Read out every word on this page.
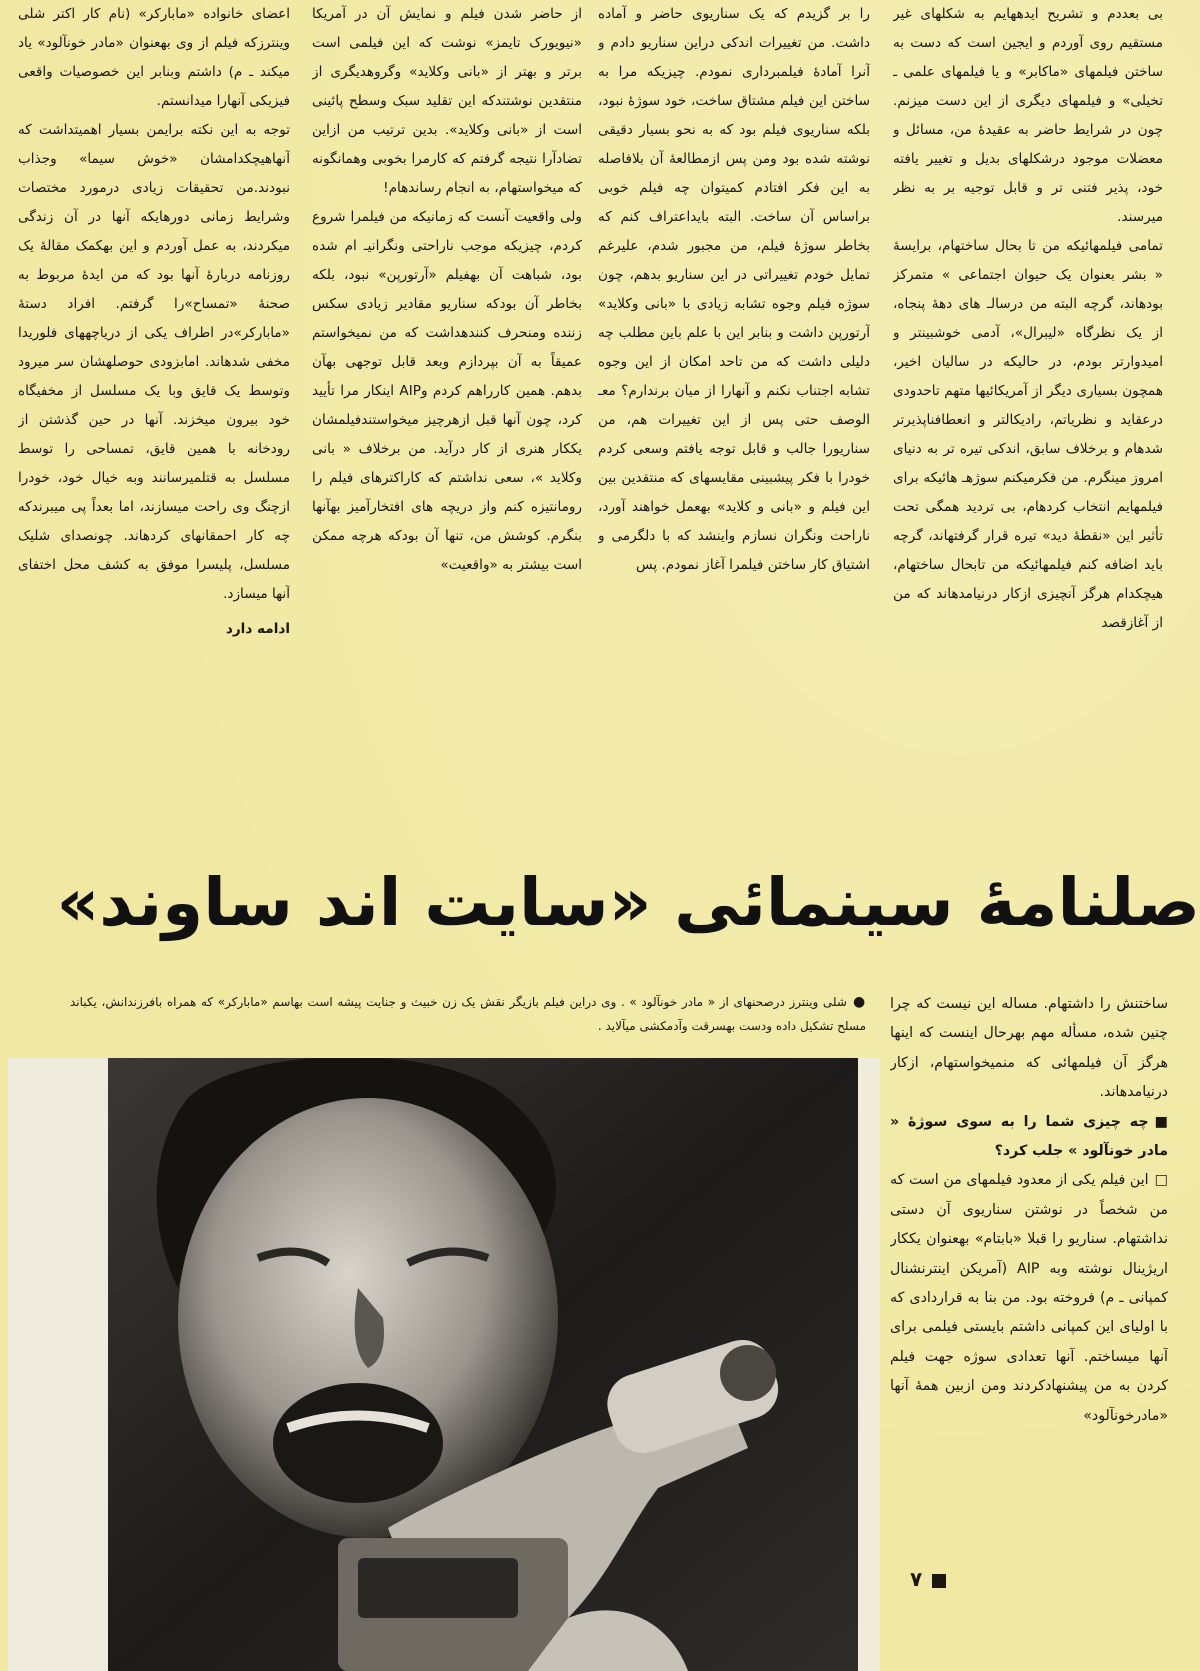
بی بعددم و تشریح ایدههایم به شکلهای غیر مستقیم روی آوردم و ایجین است که دست به ساختن فیلمهای «ماکابر» و یا فیلمهای علمی ـ تخیلی» و فیلمهای دیگری از این دست میزنم. چون در شرایط حاضر به عقیدهٔ من، مسائل و معضلات موجود درشکلهای بدیل و تغییر یافته خود، پذیر فتنی تر و قابل توجیه بر به نظر میرسند.

تمامی فیلمهائیکه من تا بحال ساختهام، برایسهٔ « بشر بعنوان یک حیوان اجتماعی » متمرکز بودهاند، گرچه البته من درسالـ های دههٔ پنجاه، از یک نظرگاه «لیبرال»، آدمی خوشبینتر و امیدوارتر بودم، در حالیکه در سالیان اخیر، همچون بسیاری دیگر از آمریکائیها متهم تاحدودی درعقاید و نظریاتم، رادیکالتر و انعطافناپذیرتر شدهام و برخلاف سابق، اندکی تیره تر به دنیای امروز مینگرم. من فکرمیکنم سوژهـ هائیکه برای فیلمهایم انتخاب کردهام، بی تردید همگی تحت تأثیر این «نقطهٔ دید» تیره قرار گرفتهاند، گرچه باید اضافه کنم فیلمهائیکه من تابحال ساختهام، هیچکدام هرگز آنچیزی ازکار درنیامدهاند که من از آغازقصد

را بر گزیدم که یک سناریوی حاضر و آماده داشت. من تغییرات اندکی دراین سناریو دادم و آنرا آمادهٔ فیلمبرداری نمودم. چیزیکه مرا به ساختن این فیلم مشتاق ساخت، خود سوژهٔ نبود، بلکه سناریوی فیلم بود که به نحو بسیار دقیقی نوشته شده بود ومن پس ازمطالعهٔ آن بلافاصله به این فکر افتادم کمیتوان چه فیلم خوبی براساس آن ساخت. البته بایداعتراف کنم که بخاطر سوژهٔ فیلم، من مجبور شدم، علیرغم تمایل خودم تغییراتی در این سناریو بدهم، چون سوژه فیلم وجوه تشابه زیادی با «بانی وکلاید» آرتورپن داشت و بنابر این با علم باین مطلب چه دلیلی داشت که من تاحد امکان از این وجوه تشابه اجتناب نکنم و آنهارا از میان برندارم؟ معـ الوصف حتی پس از این تغییرات هم، من سناریورا جالب و قابل توجه یافتم وسعی کردم خودرا با فکر پیشبینی مقایسهای که منتقدین بین این فیلم و «بانی و کلاید» بهعمل خواهند آورد، ناراحت ونگران نسازم واینشد که با دلگرمی و اشتیاق کار ساختن فیلمرا آغاز نمودم. پس

از حاضر شدن فیلم و نمایش آن در آمریکا «نیویورک تایمز» نوشت که این فیلمی است برتر و بهتر از «بانی وکلاید» وگروهدیگری از منتقدین نوشتندکه این تقلید سبک وسطح پائینی است از «بانی وکلاید». بدین ترتیب من ازاین تضادآرا نتیجه گرفتم که کارمرا بخوبی وهمانگونه که میخواستهام، به انجام رساندهام!

ولی واقعیت آنست که زمانیکه من فیلمرا شروع کردم، چیزیکه موجب ناراحتی ونگرانیـ ام شده بود، شباهت آن بهفیلم «آرتورپن» نبود، بلکه بخاطر آن بودکه سناریو مقادیر زیادی سکس زننده ومنحرف کنندهداشت که من نمیخواستم عمیقاً به آن بپردازم وبعد قابل توجهی بهآن بدهم. همین کارراهم کردم وAIP اینکار مرا تأیید کرد، چون آنها قبل ازهرچیز میخواستندفیلمشان یککار هنری از کار درآید. من برخلاف « بانی وکلاید »، سعی نداشتم که کاراکترهای فیلم را رومانتیزه کنم واز دریچه های افتخارآمیز بهآنها بنگرم. کوشش من، تنها آن بودکه هرچه ممکن است بیشتر به «واقعیت»

اعضای خانواده «مابارکر» (نام کار اکتر شلی وینترزکه فیلم از وی بهعنوان «مادر خونآلود» یاد میکند ـ م) داشتم وبنابر این خصوصیات واقعی فیزیکی آنهارا میدانستم.

توجه به این نکته برایمن بسیار اهمیتداشت که آنهاهیچکدامشان «خوش سیما» وجذاب نبودند.من تحقیقات زیادی درمورد مختصات وشرایط زمانی دورهایکه آنها در آن زندگی میکردند، به عمل آوردم و این بهکمک مقالهٔ یک روزنامه دربارهٔ آنها بود که من ایدهٔ مربوط به صحنهٔ «تمساح»را گرفتم. افراد دستهٔ «مابارکر»در اطراف یکی از دریاچههای فلوریدا مخفی شدهاند. امابزودی حوصلهشان سر میرود وتوسط یک قایق وبا یک مسلسل از مخفیگاه خود بیرون میخزند. آنها در حین گذشتن از رودخانه با همین قایق، تمساحی را توسط مسلسل به قتلمیرسانند وبه خیال خود، خودرا ازچنگ وی راحت میسازند، اما بعداً پی میبرندکه چه کار احمقانهای کردهاند. چونصدای شلیک مسلسل، پلیسرا موفق به کشف محل اختفای آنها میسازد.

ادامه دارد

صلنامهٔ سینمائی «سایت اند ساوند»
●شلی وینترز درصحنهای از « مادر خونآلود » . وی دراین فیلم بازیگر نقش یک زن خبیث و جنایت پیشه است بهاسم «مابارکر» که همراه بافرزندانش، یکباند مسلح تشکیل داده ودست بهسرقت وآدمکشی میآلاید .

ساختنش را داشتهام. مساله این نیست که چرا چنین شده، مسأله مهم بهرحال اینست که اینها هرگز آن فیلمهائی که منمیخواستهام، ازکار درنیامدهاند.

■چه چیزی شما را به سوی سوژهٔ « مادر خونآلود » جلب کرد؟

□این فیلم یکی از معدود فیلمهای من است که من شخصاً در نوشتن سناریوی آن دستی نداشتهام. سناریو را قبلا «بابتام» بهعنوان یککار اریژینال نوشته وبه AIP (آمریکن اینترنشنال کمپانی ـ م) فروخته بود. من بنا به قراردادی که با اولیای این کمپانی داشتم بایستی فیلمی برای آنها میساختم. آنها تعدادی سوژه جهت فیلم کردن به من پیشنهادکردند ومن ازبین همهٔ آنها «مادرخونآلود»

۷
